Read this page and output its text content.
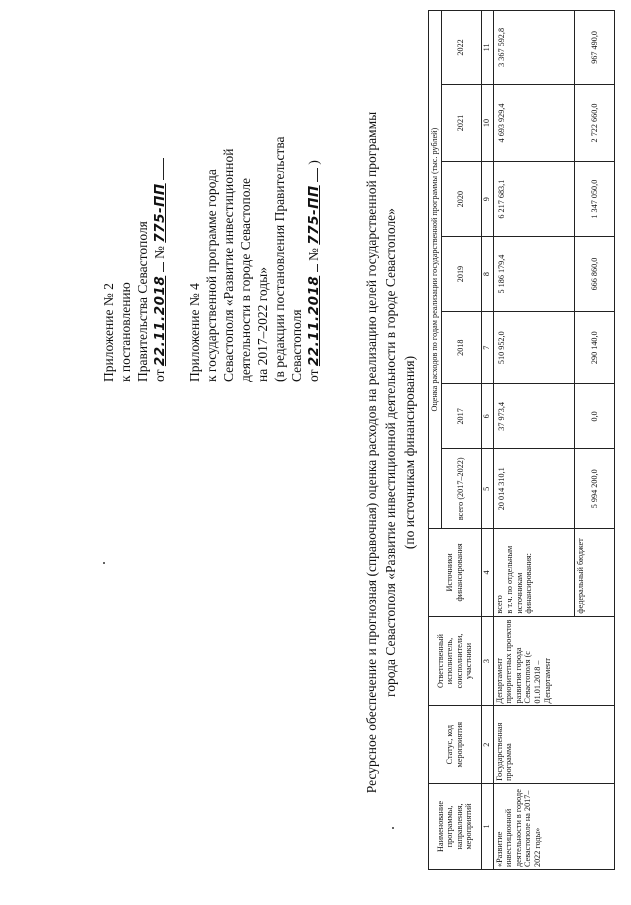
Приложение № 2 к постановлению Правительства Севастополя от 22.11.2018  № 775-ПП
Приложение № 4 к государственной программе города Севастополя «Развитие инвестиционной деятельности в городе Севастополе на 2017–2022 годы» (в редакции постановления Правительства Севастополя от 22.11.2018  № 775-ПП  )	Ресурсное обеспечение и прогнозная (справочная) оценка расходов на реализацию целей государственной программы города Севастополя «Развитие инвестиционной деятельности в городе Севастополе» (по источникам финансирования)
Наименование программы, направления, мероприятий	Статус, код мероприятия	Ответственный исполнитель, соисполнители, участники	Источники финансирования	Оценка расходов по годам реализации государственной программы (тыс. рублей)						
				всего (2017–2022)	2017	2018	2019	2020	2021	2022
1	2	3	4	5	6	7	8	9	10	11
«Развитие инвестиционной деятельности в городе Севастополе на 2017–2022 годы»	Государственная программа	Департамент приоритетных проектов развития города Севастополя (с 01.01.2018 – Департамент	всего в т.ч. по отдельным источникам финансирования:	20 014 310,1	37 973,4	510 952,0	5 186 179,4	6 217 683,1	4 693 929,4	3 367 592,8
			федеральный бюджет	5 994 200,0	0,0	290 140,0	666 860,0	1 347 050,0	2 722 660,0	967 490,0
